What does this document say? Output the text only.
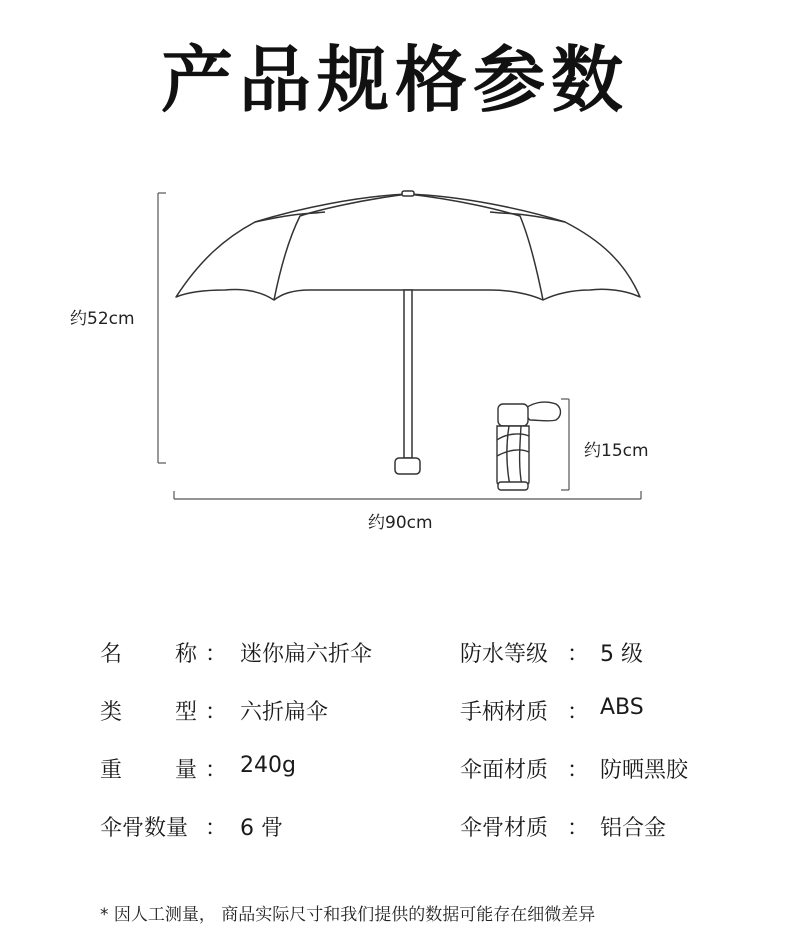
产品规格参数
约52cm
约90cm
约15cm
名 称 ： 迷你扁六折伞	防水等级 ： 5 级
类 型 ： 六折扁伞	手柄材质 ： ABS
重 量 ： 240g	伞面材质 ： 防晒黑胶
伞骨数量 ： 6 骨	伞骨材质 ： 铝合金
* 因人工测量， 商品实际尺寸和我们提供的数据可能存在细微差异
